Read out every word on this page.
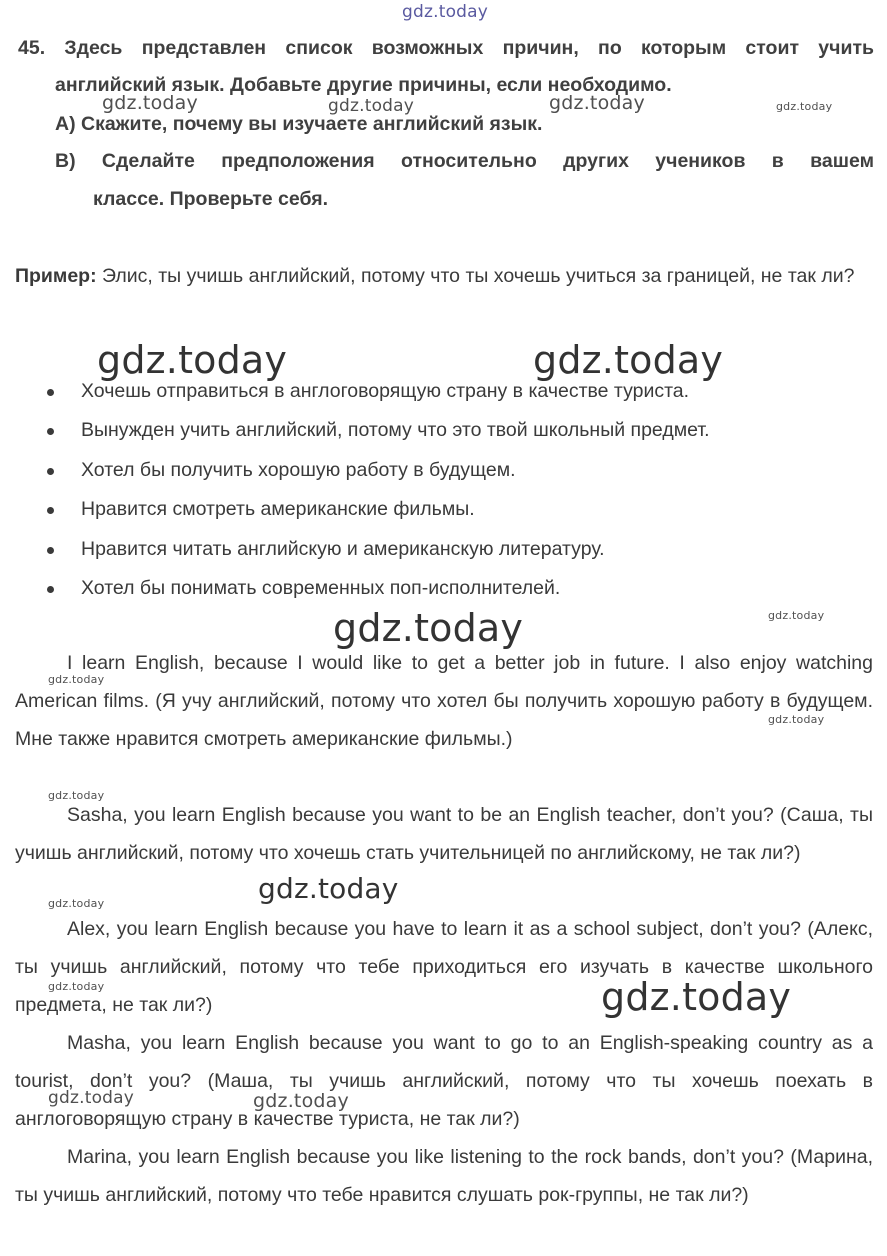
45. Здесь представлен список возможных причин, по которым стоит учить
английский язык. Добавьте другие причины, если необходимо.
А) Скажите, почему вы изучаете английский язык.
B) Сделайте предположения относительно других учеников в вашем
классе. Проверьте себя.
Пример: Элис, ты учишь английский, потому что ты хочешь учиться за границей, не так ли?
Хочешь отправиться в англоговорящую страну в качестве туриста.
Вынужден учить английский, потому что это твой школьный предмет.
Хотел бы получить хорошую работу в будущем.
Нравится смотреть американские фильмы.
Нравится читать английскую и американскую литературу.
Хотел бы понимать современных поп-исполнителей.
I learn English, because I would like to get a better job in future. I also enjoy watching American films. (Я учу английский, потому что хотел бы получить хорошую работу в будущем. Мне также нравится смотреть американские фильмы.)
Sasha, you learn English because you want to be an English teacher, don’t you? (Саша, ты учишь английский, потому что хочешь стать учительницей по английскому, не так ли?)
Alex, you learn English because you have to learn it as a school subject, don’t you? (Алекс, ты учишь английский, потому что тебе приходиться его изучать в качестве школьного предмета, не так ли?)
Masha, you learn English because you want to go to an English-speaking country as a tourist, don’t you? (Маша, ты учишь английский, потому что ты хочешь поехать в англоговорящую страну в качестве туриста, не так ли?)
Marina, you learn English because you like listening to the rock bands, don’t you? (Марина, ты учишь английский, потому что тебе нравится слушать рок-группы, не так ли?)
gdz.today
gdz.today	gdz.today	gdz.today	gdz.today
gdz.today	gdz.today
gdz.today
gdz.today
gdz.today
gdz.today
gdz.today
gdz.today
gdz.today
gdz.today	gdz.today
gdz.today	gdz.today
